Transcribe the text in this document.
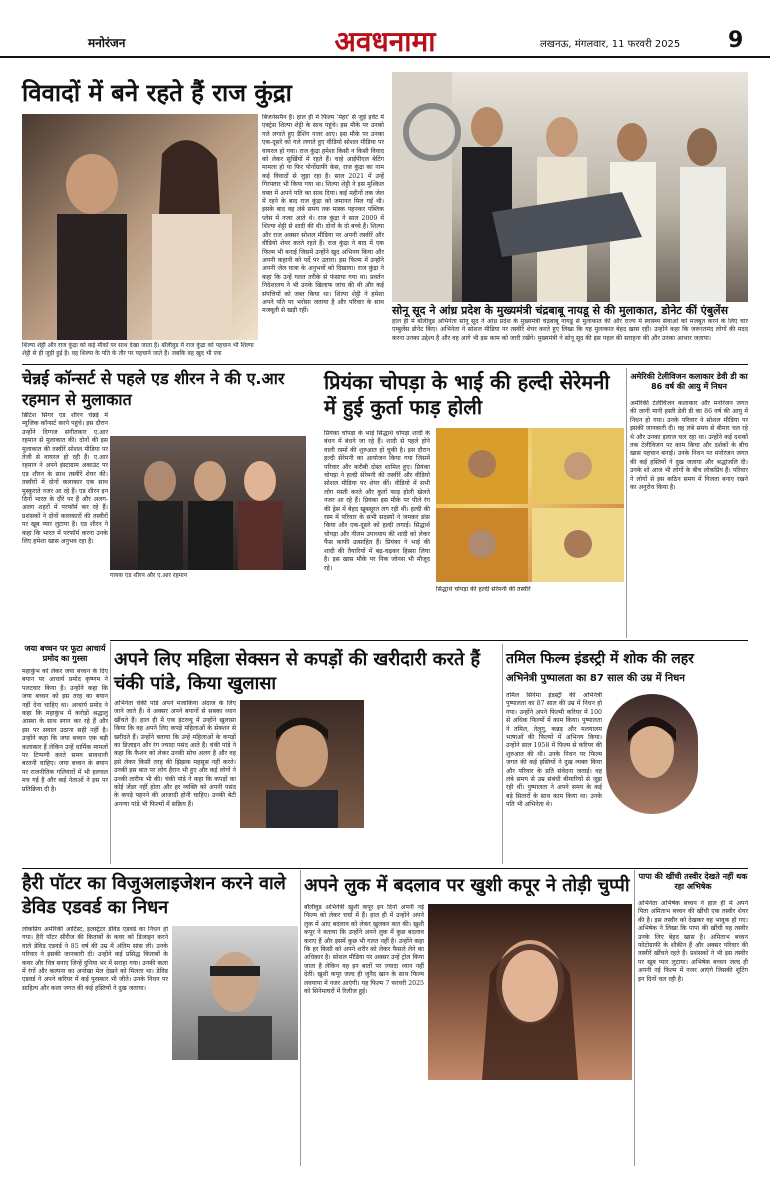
मनोरंजन	अवधनामा	लखनऊ, मंगलवार, 11 फरवरी 2025 9
विवादों में बने रहते हैं राज कुंद्रा
शिल्पा शेट्टी और राज कुंद्रा को कई मौकों पर साथ देखा जाता है। बॉलीवुड में राज कुंद्रा को पहचान भी शिल्पा शेट्टी से ही जुड़ी हुई है। वह शिल्पा के पति के तौर पर पहचाने जाते हैं। जबकि वह खुद भी एक
बिजनेसमैन है। हाल ही में फिल्म 'मेहर' से जुड़े इवेंट में एक्ट्रेस शिल्पा शेट्टी के साथ पहुंचे। इस मौके पर उनको गले लगाते हुए डैशिंग नजर आए। इस मौके पर उनका एक-दूसरे को गले लगाते हुए वीडियो सोशल मीडिया पर वायरल हो गया। राज कुंद्रा हमेशा किसी न किसी विवाद को लेकर सुर्खियों में रहते हैं। चाहे आईपीएल बेटिंग मामला हो या फिर पोर्नोग्राफी केस, राज कुंद्रा का नाम कई विवादों से जुड़ा रहा है। साल 2021 में उन्हें गिरफ्तार भी किया गया था। शिल्पा शेट्टी ने इस मुश्किल वक्त में अपने पति का साथ दिया। कई महीनों तक जेल में रहने के बाद राज कुंद्रा को जमानत मिल गई थी। इसके बाद वह लंबे समय तक मास्क पहनकर पब्लिक प्लेस में नजर आते थे। राज कुंद्रा ने साल 2009 में शिल्पा शेट्टी से शादी की थी। दोनों के दो बच्चे हैं। शिल्पा और राज अक्सर सोशल मीडिया पर अपनी तस्वीरें और वीडियो शेयर करते रहते हैं। राज कुंद्रा ने बाद में एक फिल्म भी बनाई जिसमें उन्होंने खुद अभिनय किया और अपनी कहानी को पर्दे पर उतारा। इस फिल्म में उन्होंने अपनी जेल यात्रा के अनुभवों को दिखाया। राज कुंद्रा ने कहा कि उन्हें गलत तरीके से फंसाया गया था। प्रवर्तन निदेशालय ने भी उनके खिलाफ जांच की थी और कई संपत्तियों को जब्त किया था। शिल्पा शेट्टी ने हमेशा अपने पति पर भरोसा जताया है और परिवार के साथ मजबूती से खड़ी रहीं।	सोनू सूद ने आंध्र प्रदेश के मुख्यमंत्री चंद्रबाबू नायडू से की मुलाकात, डोनेट कीं एंबुलेंस
हाल ही में बॉलीवुड अभिनेता सोनू सूद ने आंध्र प्रदेश के मुख्यमंत्री चंद्रबाबू नायडू से मुलाकात की और राज्य में स्वास्थ्य सेवाओं को मजबूत करने के लिए चार एम्बुलेंस डोनेट किए। अभिनेता ने सोशल मीडिया पर तस्वीरें शेयर करते हुए लिखा कि यह मुलाकात बेहद खास रही। उन्होंने कहा कि जरूरतमंद लोगों की मदद करना उनका उद्देश्य है और वह आगे भी इस काम को जारी रखेंगे। मुख्यमंत्री ने सोनू सूद की इस पहल की सराहना की और उनका आभार जताया।
चेन्नई कॉन्सर्ट से पहले एड शीरन ने की ए.आर रहमान से मुलाकात
ब्रिटिश सिंगर एड शीरन चेन्नई में म्यूजिक कॉन्सर्ट करने पहुंचे। इस दौरान उन्होंने दिग्गज संगीतकार ए.आर रहमान से मुलाकात की। दोनों की इस मुलाकात की तस्वीरें सोशल मीडिया पर तेजी से वायरल हो रही हैं। ए.आर रहमान ने अपने इंस्टाग्राम अकाउंट पर एड शीरन के साथ तस्वीरें शेयर कीं। तस्वीरों में दोनों कलाकार एक साथ मुस्कुराते नजर आ रहे हैं। एड शीरन इन दिनों भारत के दौरे पर हैं और अलग-अलग शहरों में परफॉर्म कर रहे हैं। प्रशंसकों ने दोनों कलाकारों की तस्वीरों पर खूब प्यार लुटाया है। एड शीरन ने कहा कि भारत में परफॉर्म करना उनके लिए हमेशा खास अनुभव रहा है।
गायक एड शीरन और ए.आर रहमान
प्रियंका चोपड़ा के भाई की हल्दी सेरेमनी में हुई कुर्ता फाड़ होली
प्रियंका चोपड़ा के भाई सिद्धार्थ चोपड़ा शादी के बंधन में बंधने जा रहे हैं। शादी से पहले होने वाली रस्मों की शुरुआत हो चुकी है। इस दौरान हल्दी सेरेमनी का आयोजन किया गया जिसमें परिवार और करीबी दोस्त शामिल हुए। प्रियंका चोपड़ा ने हल्दी सेरेमनी की तस्वीरें और वीडियो सोशल मीडिया पर शेयर कीं। वीडियो में सभी लोग मस्ती करते और कुर्ता फाड़ होली खेलते नजर आ रहे हैं। प्रियंका इस मौके पर पीले रंग की ड्रेस में बेहद खूबसूरत लग रही थीं। हल्दी की रस्म में परिवार के सभी सदस्यों ने जमकर डांस किया और एक-दूसरे को हल्दी लगाई। सिद्धार्थ चोपड़ा और नीलम उपाध्याय की शादी को लेकर फैंस काफी उत्साहित हैं। प्रियंका ने भाई की शादी की तैयारियों में बढ़-चढ़कर हिस्सा लिया है। इस खास मौके पर निक जोनस भी मौजूद रहे।
सिद्धार्थ चोपड़ा की हल्दी सेरेमनी की तस्वीरें
अमेरिकी टेलीविजन कलाकार डेवी डी का 86 वर्ष की आयु में निधन
अमेरिकी टेलीविजन कलाकार और मनोरंजन जगत की जानी मानी हस्ती डेवी डी का 86 वर्ष की आयु में निधन हो गया। उनके परिवार ने सोशल मीडिया पर इसकी जानकारी दी। वह लंबे समय से बीमार चल रहे थे और उनका इलाज चल रहा था। उन्होंने कई दशकों तक टेलीविजन पर काम किया और दर्शकों के बीच खास पहचान बनाई। उनके निधन पर मनोरंजन जगत की कई हस्तियों ने दुख जताया और श्रद्धांजलि दी। उनके शो आज भी लोगों के बीच लोकप्रिय हैं। परिवार ने लोगों से इस कठिन समय में निजता बनाए रखने का अनुरोध किया है।
जया बच्चन पर फूटा आचार्य प्रमोद का गुस्सा
महाकुंभ को लेकर जया बच्चन के दिए बयान पर आचार्य प्रमोद कृष्णम ने पलटवार किया है। उन्होंने कहा कि जया बच्चन को इस तरह का बयान नहीं देना चाहिए था। आचार्य प्रमोद ने कहा कि महाकुंभ में करोड़ों श्रद्धालु आस्था के साथ स्नान कर रहे हैं और इस पर सवाल उठाना सही नहीं है। उन्होंने कहा कि जया बच्चन एक बड़ी कलाकार हैं लेकिन उन्हें धार्मिक मामलों पर टिप्पणी करते समय सावधानी बरतनी चाहिए। जया बच्चन के बयान पर राजनीतिक गलियारों में भी हलचल मच गई है और कई नेताओं ने इस पर प्रतिक्रिया दी है।
अपने लिए महिला सेक्सन से कपड़ों की खरीदारी करते हैं चंकी पांडे, किया खुलासा
अभिनेता चंकी पांडे अपने मजाकिया अंदाज के लिए जाने जाते हैं। वे अक्सर अपने बयानों से सबका ध्यान खींचते हैं। हाल ही में एक इंटरव्यू में उन्होंने खुलासा किया कि वह अपने लिए कपड़े महिलाओं के सेक्शन से खरीदते हैं। उन्होंने बताया कि उन्हें महिलाओं के कपड़ों का डिजाइन और रंग ज्यादा पसंद आते हैं। चंकी पांडे ने कहा कि फैशन को लेकर उनकी सोच अलग है और वह इसे लेकर किसी तरह की झिझक महसूस नहीं करते। उनकी इस बात पर लोग हैरान भी हुए और कई लोगों ने उनकी तारीफ भी की। चंकी पांडे ने कहा कि कपड़ों का कोई जेंडर नहीं होता और हर व्यक्ति को अपनी पसंद के कपड़े पहनने की आजादी होनी चाहिए। उनकी बेटी अनन्या पांडे भी फिल्मों में सक्रिय हैं।
तमिल फिल्म इंडस्ट्री में शोक की लहर
अभिनेत्री पुष्पालता का 87 साल की उम्र में निधन
तमिल सिनेमा इंडस्ट्री की अभिनेत्री पुष्पालता का 87 साल की उम्र में निधन हो गया। उन्होंने अपने फिल्मी करियर में 100 से अधिक फिल्मों में काम किया। पुष्पालता ने तमिल, तेलुगु, कन्नड़ और मलयालम भाषाओं की फिल्मों में अभिनय किया। उन्होंने साल 1958 में फिल्म से करियर की शुरुआत की थी। उनके निधन पर फिल्म जगत की कई हस्तियों ने दुख व्यक्त किया और परिवार के प्रति संवेदना जताई। वह लंबे समय से उम्र संबंधी बीमारियों से जूझ रही थीं। पुष्पालता ने अपने समय के कई बड़े सितारों के साथ काम किया था। उनके पति भी अभिनेता थे।
हैरी पॉटर का विजुअलाइजेशन करने वाले डेविड एडवर्ड का निधन
लोकप्रिय अमेरिकी आर्टिस्ट, इलस्ट्रेटर डेविड एडवर्ड का निधन हो गया। हैरी पॉटर सीरीज की किताबों के कवर को डिजाइन करने वाले डेविड एडवर्ड ने 85 वर्ष की उम्र में अंतिम सांस ली। उनके परिवार ने इसकी जानकारी दी। उन्होंने कई प्रसिद्ध किताबों के कवर और चित्र बनाए जिन्हें दुनिया भर में सराहा गया। उनकी कला में रंगों और कल्पना का अनोखा मेल देखने को मिलता था। डेविड एडवर्ड ने अपने करियर में कई पुरस्कार भी जीते। उनके निधन पर साहित्य और कला जगत की कई हस्तियों ने दुख जताया।
अपने लुक में बदलाव पर खुशी कपूर ने तोड़ी चुप्पी
बॉलीवुड अभिनेत्री खुशी कपूर इन दिनों अपनी नई फिल्म को लेकर चर्चा में हैं। हाल ही में उन्होंने अपने लुक में आए बदलाव को लेकर खुलकर बात की। खुशी कपूर ने बताया कि उन्होंने अपने लुक में कुछ बदलाव कराए हैं और इसमें कुछ भी गलत नहीं है। उन्होंने कहा कि हर किसी को अपने शरीर को लेकर फैसले लेने का अधिकार है। सोशल मीडिया पर अक्सर उन्हें ट्रोल किया जाता है लेकिन वह इन बातों पर ज्यादा ध्यान नहीं देतीं। खुशी कपूर जल्द ही जुनैद खान के साथ फिल्म लवयापा में नजर आएंगी। यह फिल्म 7 फरवरी 2025 को सिनेमाघरों में रिलीज हुई।
पापा की खींची तस्वीर देखते नहीं थक रहा अभिषेक
अभिनेता अभिषेक बच्चन ने हाल ही में अपने पिता अमिताभ बच्चन की खींची एक तस्वीर शेयर की है। इस तस्वीर को देखकर वह भावुक हो गए। अभिषेक ने लिखा कि पापा की खींची यह तस्वीर उनके लिए बेहद खास है। अमिताभ बच्चन फोटोग्राफी के शौकीन हैं और अक्सर परिवार की तस्वीरें खींचते रहते हैं। प्रशंसकों ने भी इस तस्वीर पर खूब प्यार लुटाया। अभिषेक बच्चन जल्द ही अपनी नई फिल्म में नजर आएंगे जिसकी शूटिंग इन दिनों चल रही है।
